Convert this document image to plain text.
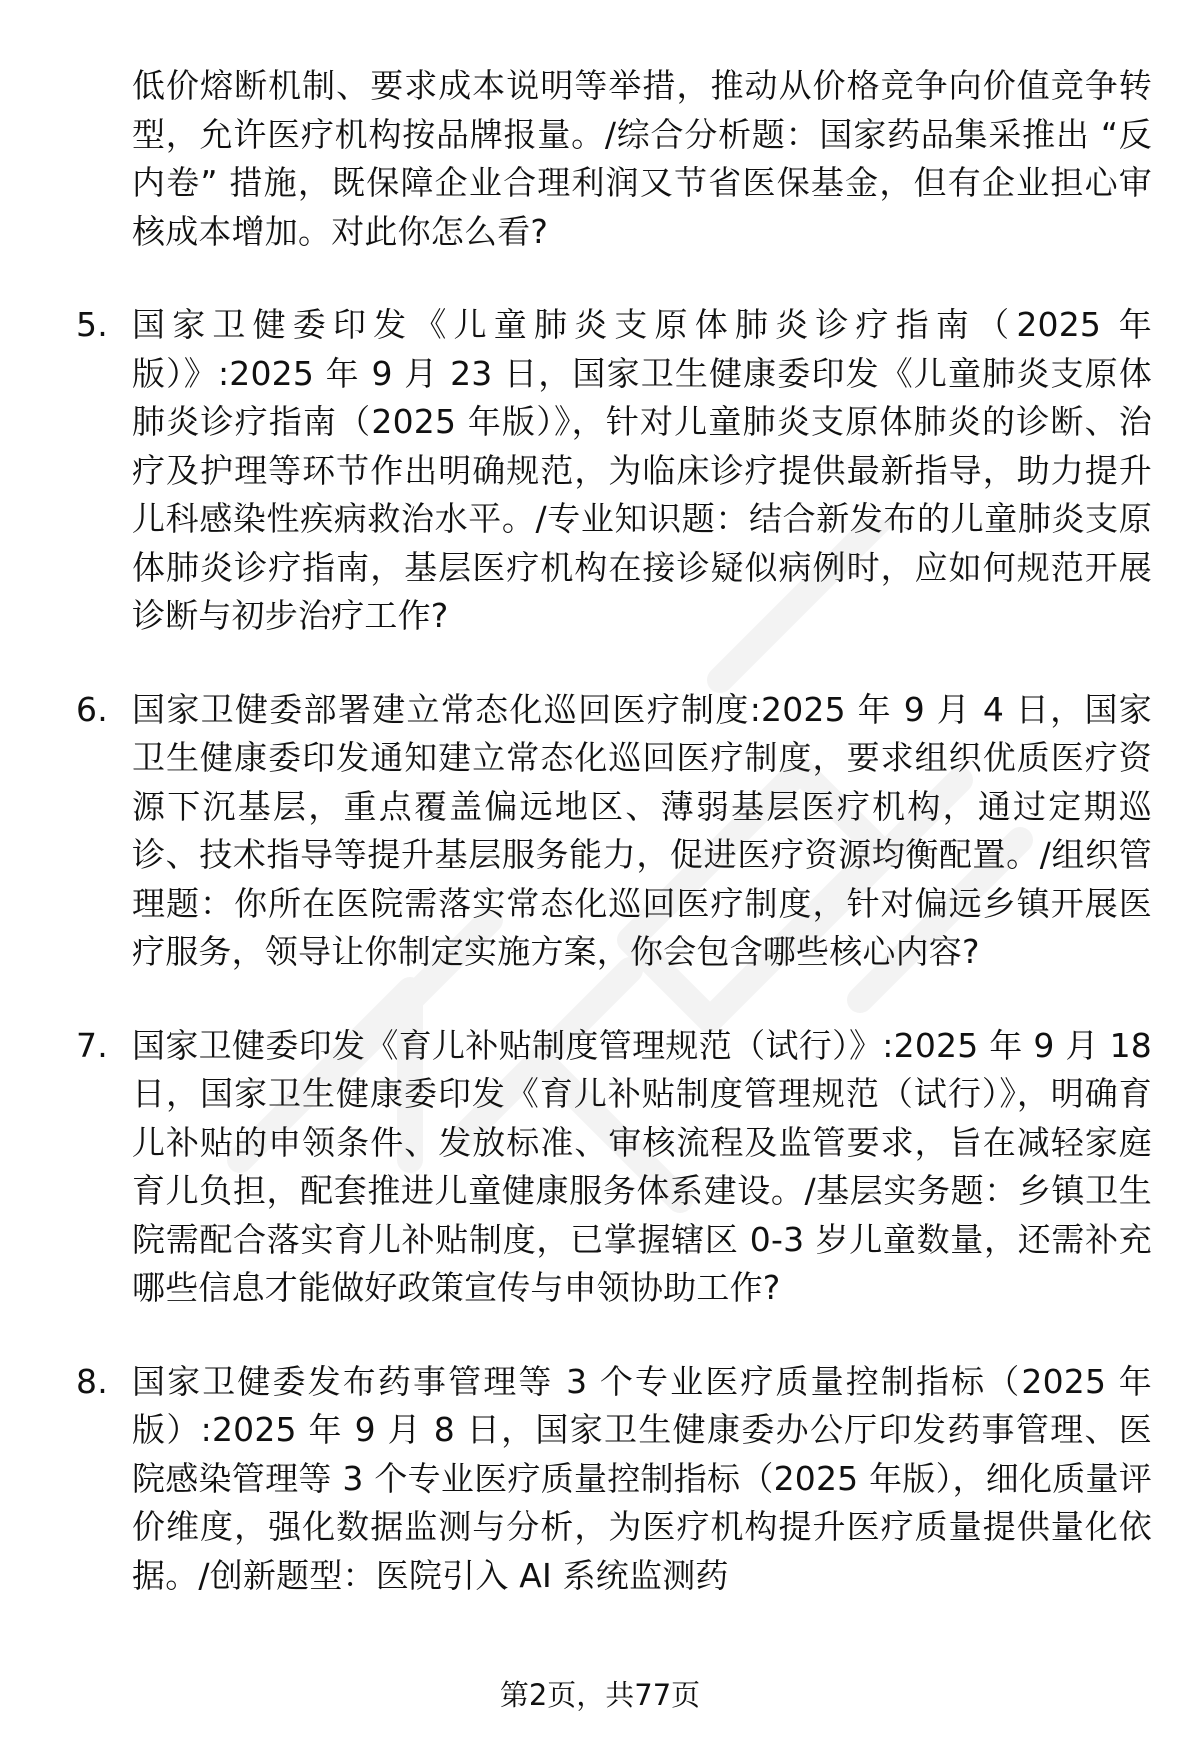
低价熔断机制、要求成本说明等举措，推动从价格竞争向价值竞争转型，允许医疗机构按品牌报量。/综合分析题：国家药品集采推出 “反内卷” 措施，既保障企业合理利润又节省医保基金，但有企业担心审核成本增加。对此你怎么看?

5. 国家卫健委印发《儿童肺炎支原体肺炎诊疗指南（2025 年版）》:2025 年 9 月 23 日，国家卫生健康委印发《儿童肺炎支原体肺炎诊疗指南（2025 年版）》，针对儿童肺炎支原体肺炎的诊断、治疗及护理等环节作出明确规范，为临床诊疗提供最新指导，助力提升儿科感染性疾病救治水平。/专业知识题：结合新发布的儿童肺炎支原体肺炎诊疗指南，基层医疗机构在接诊疑似病例时，应如何规范开展诊断与初步治疗工作?

6. 国家卫健委部署建立常态化巡回医疗制度:2025 年 9 月 4 日，国家卫生健康委印发通知建立常态化巡回医疗制度，要求组织优质医疗资源下沉基层，重点覆盖偏远地区、薄弱基层医疗机构，通过定期巡诊、技术指导等提升基层服务能力，促进医疗资源均衡配置。/组织管理题：你所在医院需落实常态化巡回医疗制度，针对偏远乡镇开展医疗服务，领导让你制定实施方案，你会包含哪些核心内容?

7. 国家卫健委印发《育儿补贴制度管理规范（试行）》:2025 年 9 月 18 日，国家卫生健康委印发《育儿补贴制度管理规范（试行）》，明确育儿补贴的申领条件、发放标准、审核流程及监管要求，旨在减轻家庭育儿负担，配套推进儿童健康服务体系建设。/基层实务题：乡镇卫生院需配合落实育儿补贴制度，已掌握辖区 0-3 岁儿童数量，还需补充哪些信息才能做好政策宣传与申领协助工作?

8. 国家卫健委发布药事管理等 3 个专业医疗质量控制指标（2025 年版）:2025 年 9 月 8 日，国家卫生健康委办公厅印发药事管理、医院感染管理等 3 个专业医疗质量控制指标（2025 年版），细化质量评价维度，强化数据监测与分析，为医疗机构提升医疗质量提供量化依据。/创新题型：医院引入 AI 系统监测药

第2页，共77页
